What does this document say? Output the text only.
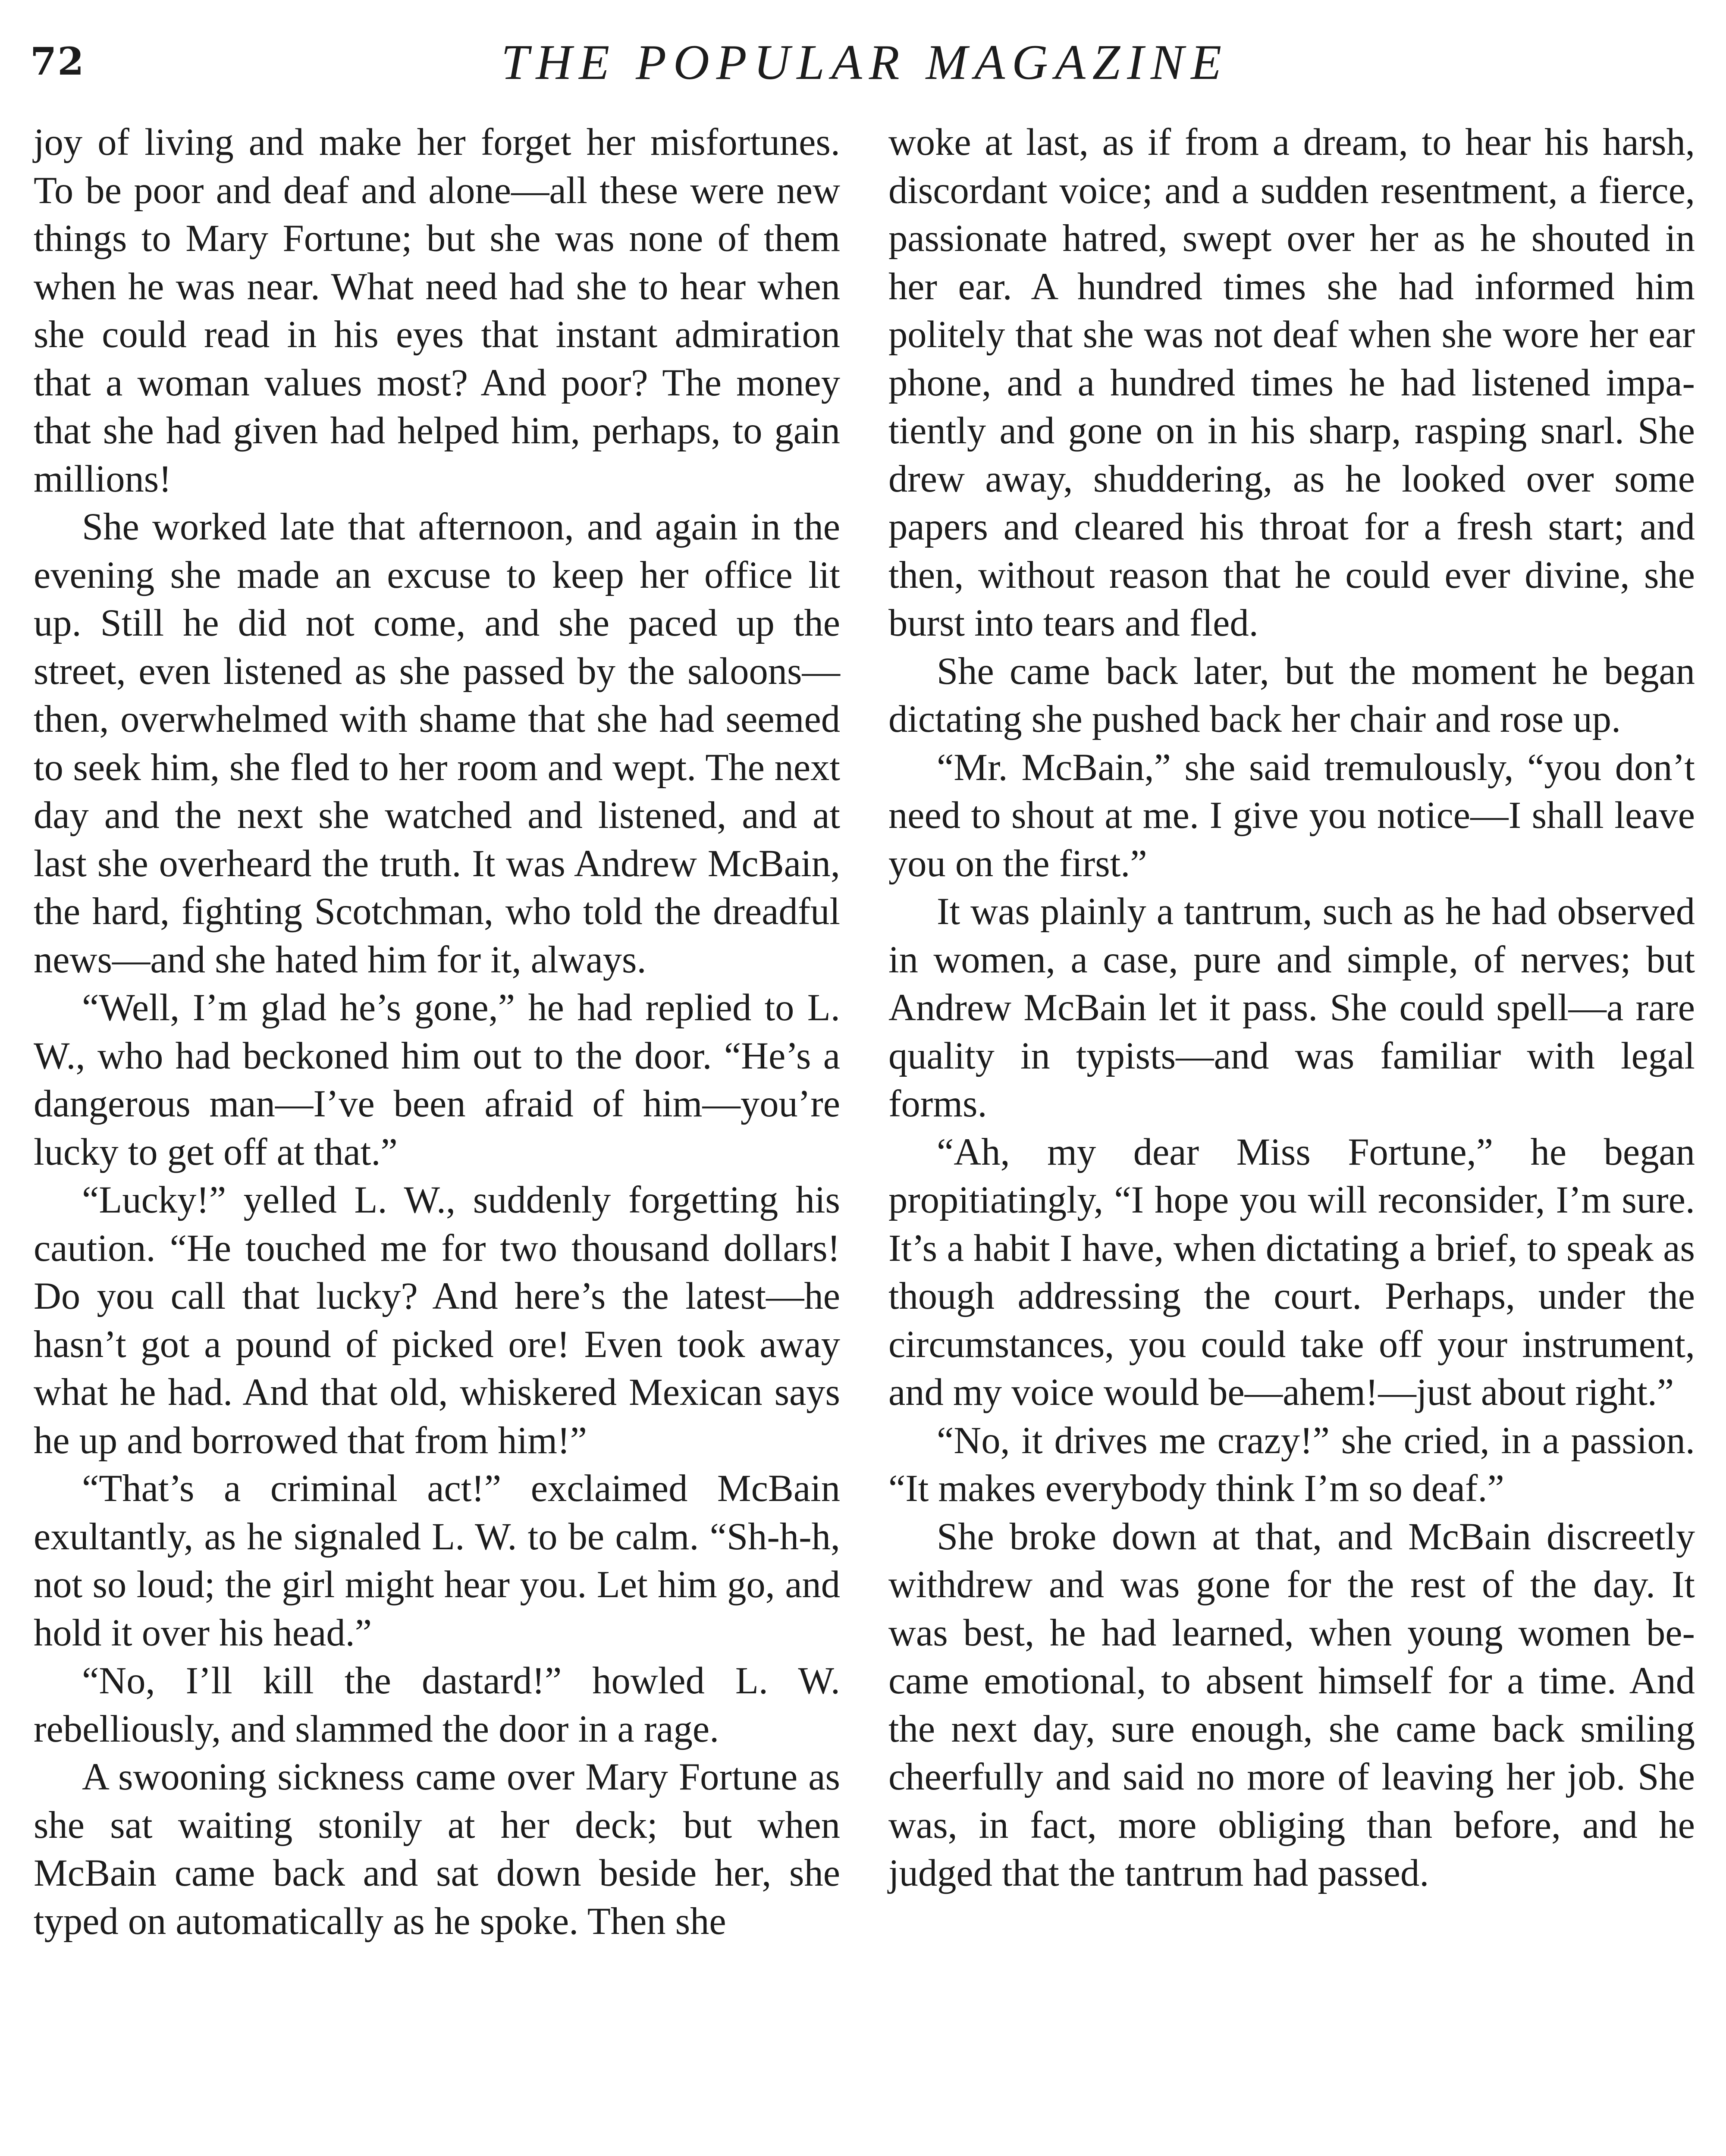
72	THE POPULAR MAGAZINE

joy of living and make her forget her misfortunes. To be poor and deaf and alone—all these were new things to Mary Fortune; but she was none of them when he was near. What need had she to hear when she could read in his eyes that instant admiration that a woman values most? And poor? The money that she had given had helped him, perhaps, to gain millions!

She worked late that afternoon, and again in the evening she made an excuse to keep her office lit up. Still he did not come, and she paced up the street, even listened as she passed by the saloons—then, overwhelmed with shame that she had seemed to seek him, she fled to her room and wept. The next day and the next she watched and listened, and at last she overheard the truth. It was Andrew McBain, the hard, fighting Scotchman, who told the dreadful news—and she hated him for it, always.

“Well, I’m glad he’s gone,” he had replied to L. W., who had beckoned him out to the door. “He’s a dangerous man—I’ve been afraid of him—you’re lucky to get off at that.”

“Lucky!” yelled L. W., suddenly forgetting his caution. “He touched me for two thousand dollars! Do you call that lucky? And here’s the latest—he hasn’t got a pound of picked ore! Even took away what he had. And that old, whiskered Mexican says he up and borrowed that from him!”

“That’s a criminal act!” exclaimed McBain exultantly, as he signaled L. W. to be calm. “Sh-h-h, not so loud; the girl might hear you. Let him go, and hold it over his head.”

“No, I’ll kill the dastard!” howled L. W. rebelliously, and slammed the door in a rage.

A swooning sickness came over Mary Fortune as she sat waiting stonily at her deck; but when McBain came back and sat down beside her, she typed on automatically as he spoke. Then she

woke at last, as if from a dream, to hear his harsh, discordant voice; and a sudden resentment, a fierce, passionate hatred, swept over her as he shouted in her ear. A hundred times she had informed him politely that she was not deaf when she wore her ear phone, and a hundred times he had listened impatiently and gone on in his sharp, rasping snarl. She drew away, shuddering, as he looked over some papers and cleared his throat for a fresh start; and then, without reason that he could ever divine, she burst into tears and fled.

She came back later, but the moment he began dictating she pushed back her chair and rose up.

“Mr. McBain,” she said tremulously, “you don’t need to shout at me. I give you notice—I shall leave you on the first.”

It was plainly a tantrum, such as he had observed in women, a case, pure and simple, of nerves; but Andrew McBain let it pass. She could spell—a rare quality in typists—and was familiar with legal forms.

“Ah, my dear Miss Fortune,” he began propitiatingly, “I hope you will reconsider, I’m sure. It’s a habit I have, when dictating a brief, to speak as though addressing the court. Perhaps, under the circumstances, you could take off your instrument, and my voice would be—ahem!—just about right.”

“No, it drives me crazy!” she cried, in a passion. “It makes everybody think I’m so deaf.”

She broke down at that, and McBain discreetly withdrew and was gone for the rest of the day. It was best, he had learned, when young women became emotional, to absent himself for a time. And the next day, sure enough, she came back smiling cheerfully and said no more of leaving her job. She was, in fact, more obliging than before, and he judged that the tantrum had passed.
